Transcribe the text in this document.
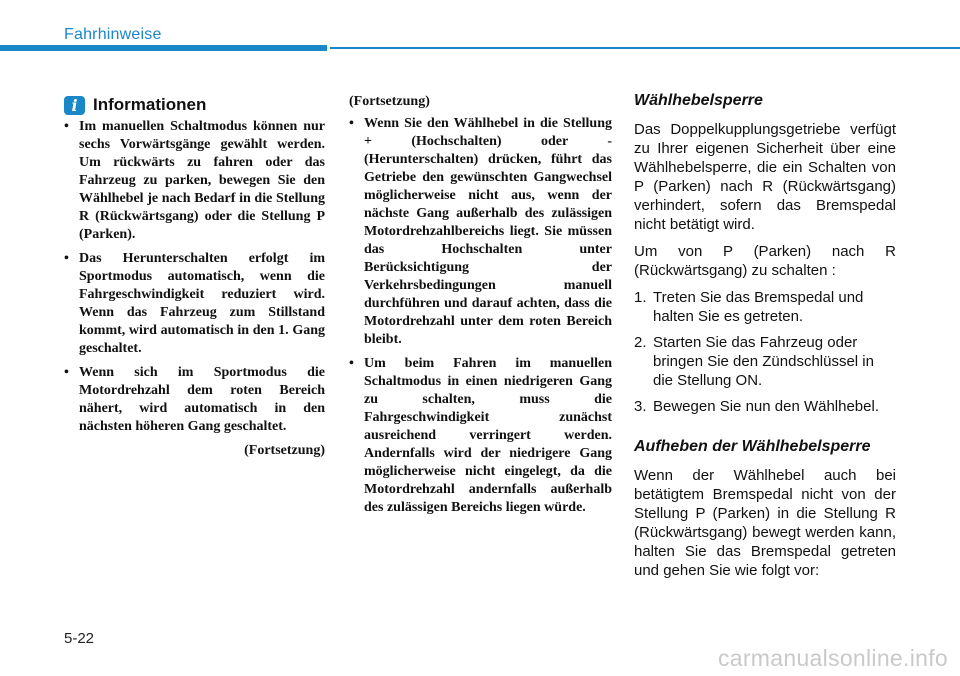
Fahrhinweise
i Informationen
• Im manuellen Schaltmodus können nur sechs Vorwärtsgänge gewählt werden. Um rückwärts zu fahren oder das Fahrzeug zu parken, bewegen Sie den Wählhebel je nach Bedarf in die Stellung R (Rückwärtsgang) oder die Stellung P (Parken).
• Das Herunterschalten erfolgt im Sportmodus automatisch, wenn die Fahrgeschwindigkeit reduziert wird. Wenn das Fahrzeug zum Stillstand kommt, wird automatisch in den 1. Gang geschaltet.
• Wenn sich im Sportmodus die Motordrehzahl dem roten Bereich nähert, wird automatisch in den nächsten höheren Gang geschaltet.
(Fortsetzung)
(Fortsetzung)
• Wenn Sie den Wählhebel in die Stellung + (Hochschalten) oder - (Herunterschalten) drücken, führt das Getriebe den gewünschten Gangwechsel möglicherweise nicht aus, wenn der nächste Gang außerhalb des zulässigen Motordrehzahlbereichs liegt. Sie müssen das Hochschalten unter Berücksichtigung der Verkehrsbedingungen manuell durchführen und darauf achten, dass die Motordrehzahl unter dem roten Bereich bleibt.
• Um beim Fahren im manuellen Schaltmodus in einen niedrigeren Gang zu schalten, muss die Fahrgeschwindigkeit zunächst ausreichend verringert werden. Andernfalls wird der niedrigere Gang möglicherweise nicht eingelegt, da die Motordrehzahl andernfalls außerhalb des zulässigen Bereichs liegen würde.
Wählhebelsperre

Das Doppelkupplungsgetriebe verfügt zu Ihrer eigenen Sicherheit über eine Wählhebelsperre, die ein Schalten von P (Parken) nach R (Rückwärtsgang) verhindert, sofern das Bremspedal nicht betätigt wird.

Um von P (Parken) nach R (Rückwärtsgang) zu schalten :

1. Treten Sie das Bremspedal und halten Sie es getreten.
2. Starten Sie das Fahrzeug oder bringen Sie den Zündschlüssel in die Stellung ON.
3. Bewegen Sie nun den Wählhebel.
Aufheben der Wählhebelsperre

Wenn der Wählhebel auch bei betätigtem Bremspedal nicht von der Stellung P (Parken) in die Stellung R (Rückwärtsgang) bewegt werden kann, halten Sie das Bremspedal getreten und gehen Sie wie folgt vor:

5-22
carmanualsonline.info
